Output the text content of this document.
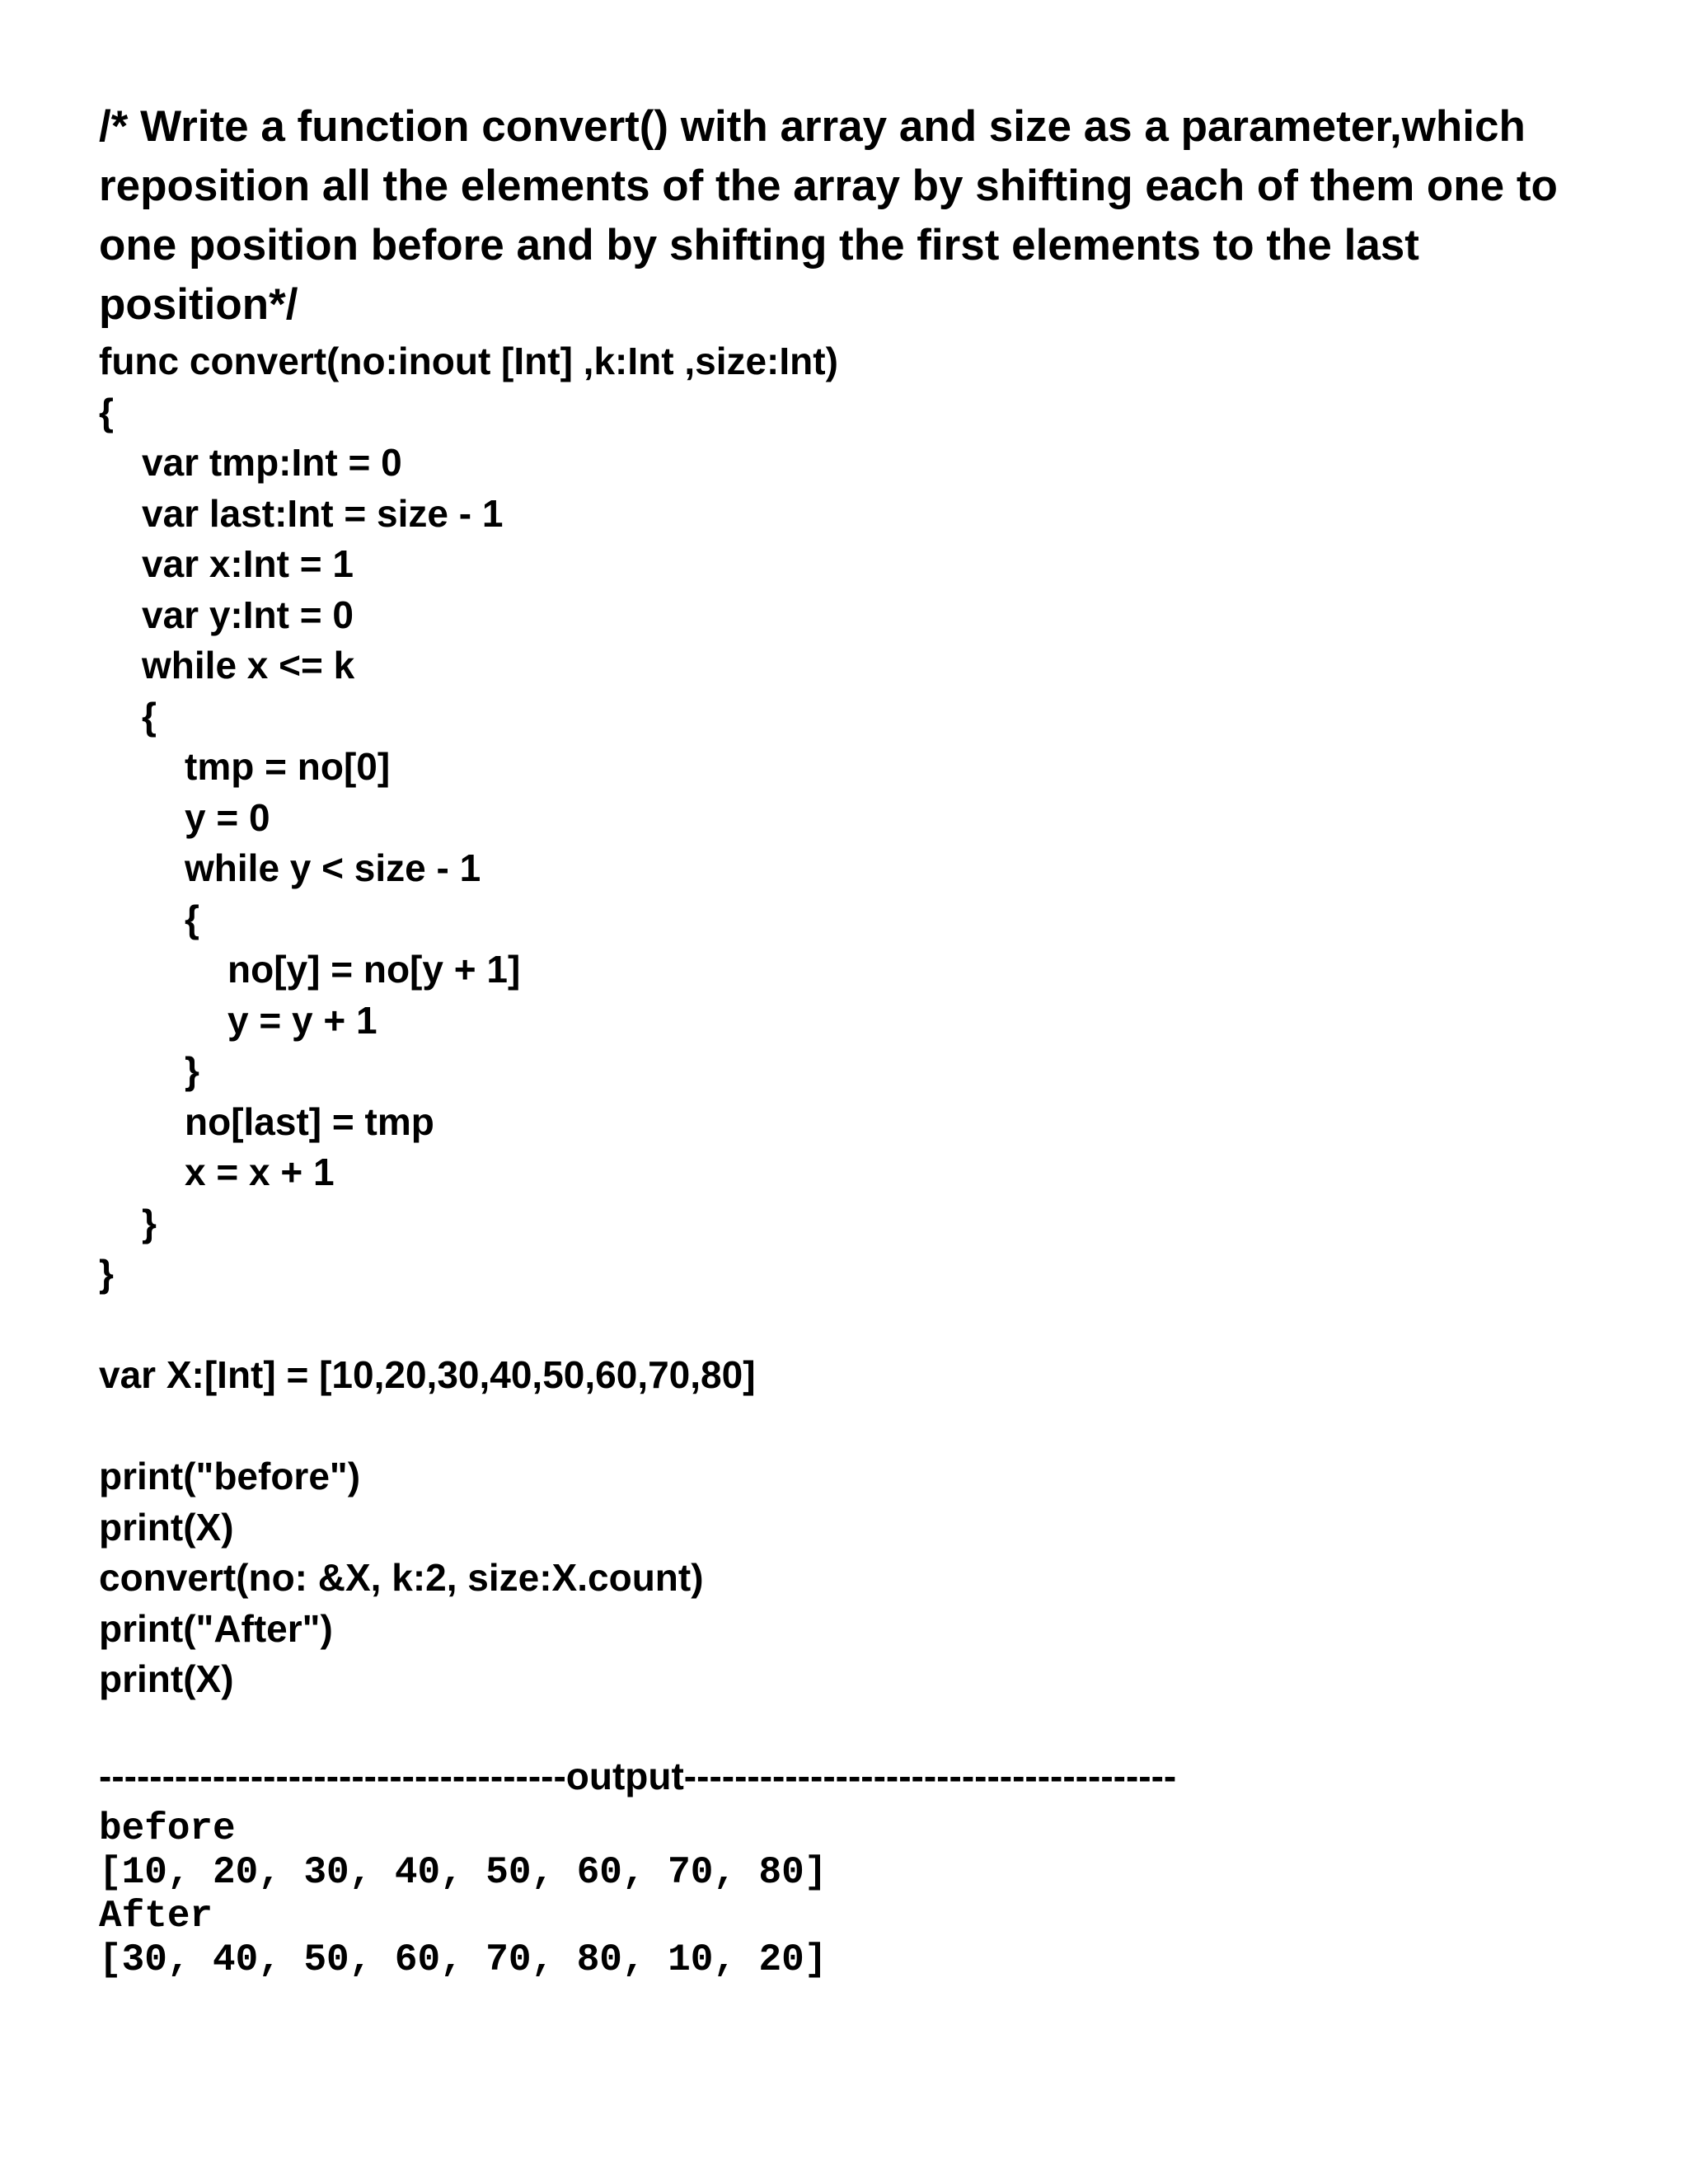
/* Write a function convert() with array and size as a parameter,which
reposition all the elements of the array by shifting each of them one to
one position before and by shifting the first elements to the last
position*/
func convert(no:inout [Int] ,k:Int ,size:Int)
{
var tmp:Int = 0
var last:Int = size - 1
var x:Int = 1
var y:Int = 0
while x <= k
{
tmp = no[0]
y = 0
while y < size - 1
{
no[y] = no[y + 1]
y = y + 1
}
no[last] = tmp
x = x + 1
}
}
var X:[Int] = [10,20,30,40,50,60,70,80]
print("before")
print(X)
convert(no: &X, k:2, size:X.count)
print("After")
print(X)
-------------------------------------output---------------------------------------
before
[10, 20, 30, 40, 50, 60, 70, 80]
After
[30, 40, 50, 60, 70, 80, 10, 20]
